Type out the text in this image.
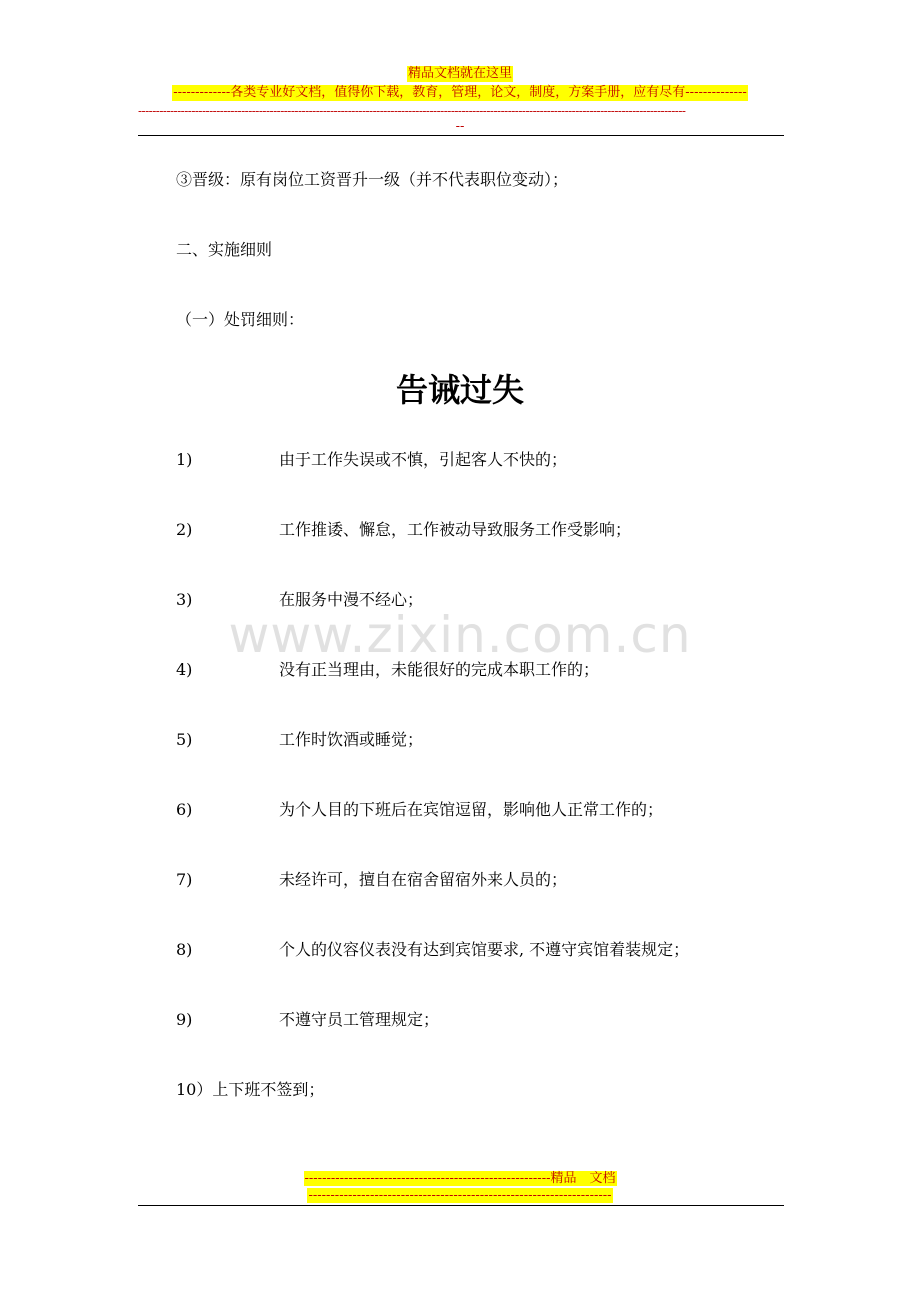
精品文档就在这里
-------------各类专业好文档，值得你下载，教育，管理，论文，制度，方案手册，应有尽有--------------
----------------------------------------------------------------------------------------------------------------------------------------------------------
--
③晋级：原有岗位工资晋升一级（并不代表职位变动）；
二、实施细则
（一）处罚细则：
告诫过失
1)	由于工作失误或不慎，引起客人不快的；
2)	工作推诿、懈怠，工作被动导致服务工作受影响；
3)	在服务中漫不经心；
4)	没有正当理由，未能很好的完成本职工作的；
5)	工作时饮酒或睡觉；
6)	为个人目的下班后在宾馆逗留，影响他人正常工作的；
7)	未经许可，擅自在宿舍留宿外来人员的；
8)	个人的仪容仪表没有达到宾馆要求, 不遵守宾馆着装规定；
9)	不遵守员工管理规定；
10）上下班不签到；
www.zixin.com.cn
--------------------------------------------------------精品　文档
---------------------------------------------------------------------
